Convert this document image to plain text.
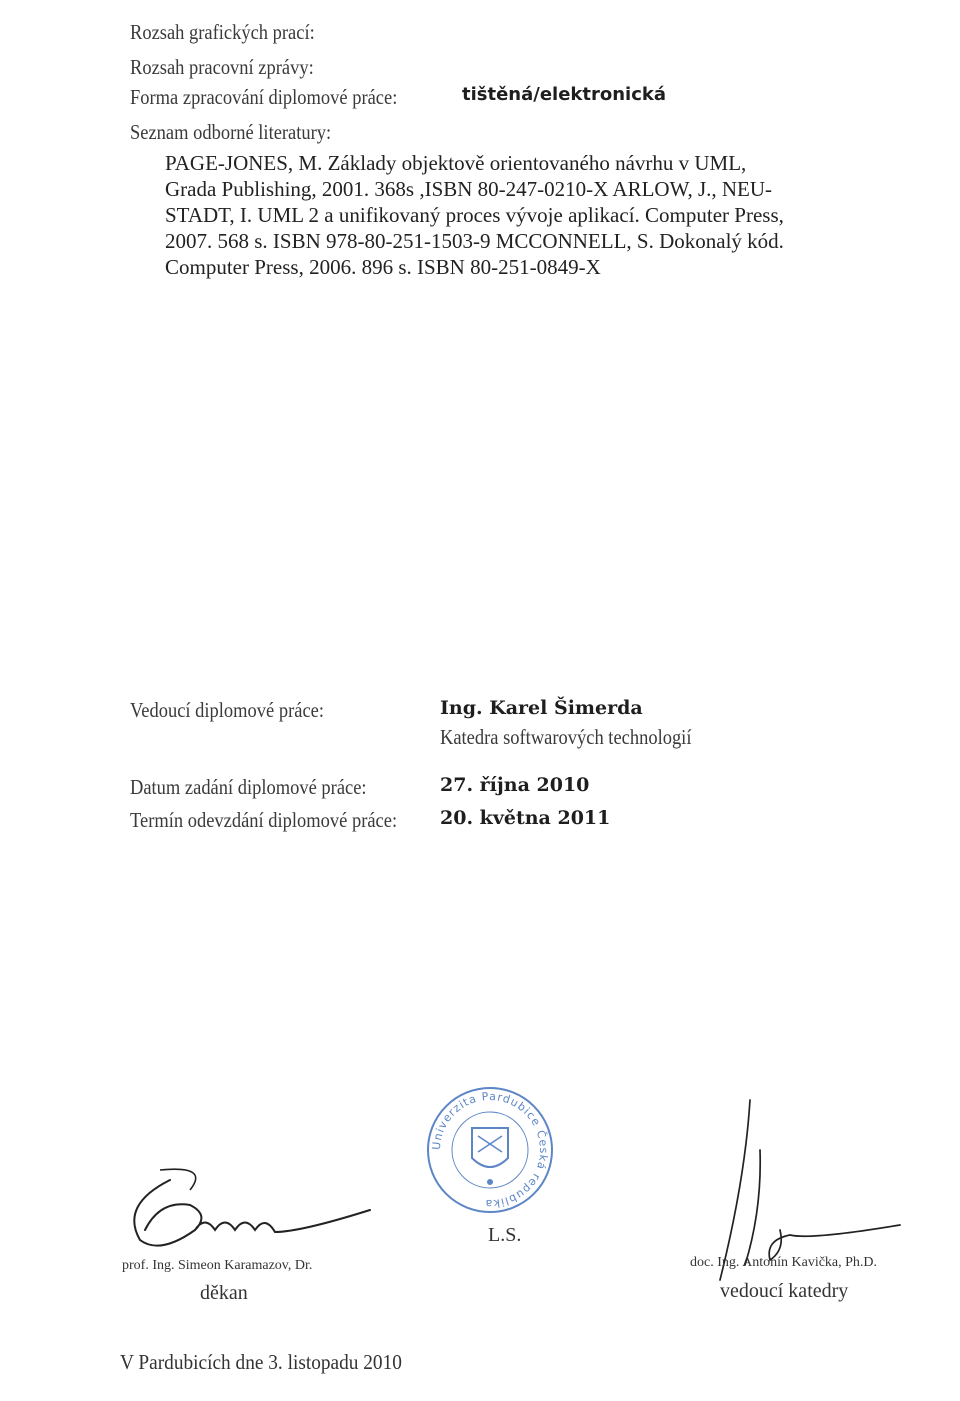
Rozsah grafických prací:
Rozsah pracovní zprávy:
Forma zpracování diplomové práce:	tištěná/elektronická
Seznam odborné literatury:
PAGE-JONES, M. Základy objektově orientovaného návrhu v UML,
Grada Publishing, 2001. 368s ,ISBN 80-247-0210-X ARLOW, J., NEU-
STADT, I. UML 2 a unifikovaný proces vývoje aplikací. Computer Press,
2007. 568 s. ISBN 978-80-251-1503-9 MCCONNELL, S. Dokonalý kód.
Computer Press, 2006. 896 s. ISBN 80-251-0849-X
Vedoucí diplomové práce:	Ing. Karel Šimerda
Katedra softwarových technologií
Datum zadání diplomové práce:	27. října 2010
Termín odevzdání diplomové práce: 20. května 2011
Univerzita Pardubice Česká republika
L.S.
prof. Ing. Simeon Karamazov, Dr.
děkan
doc. Ing. Antonín Kavička, Ph.D.
vedoucí katedry
V Pardubicích dne 3. listopadu 2010
